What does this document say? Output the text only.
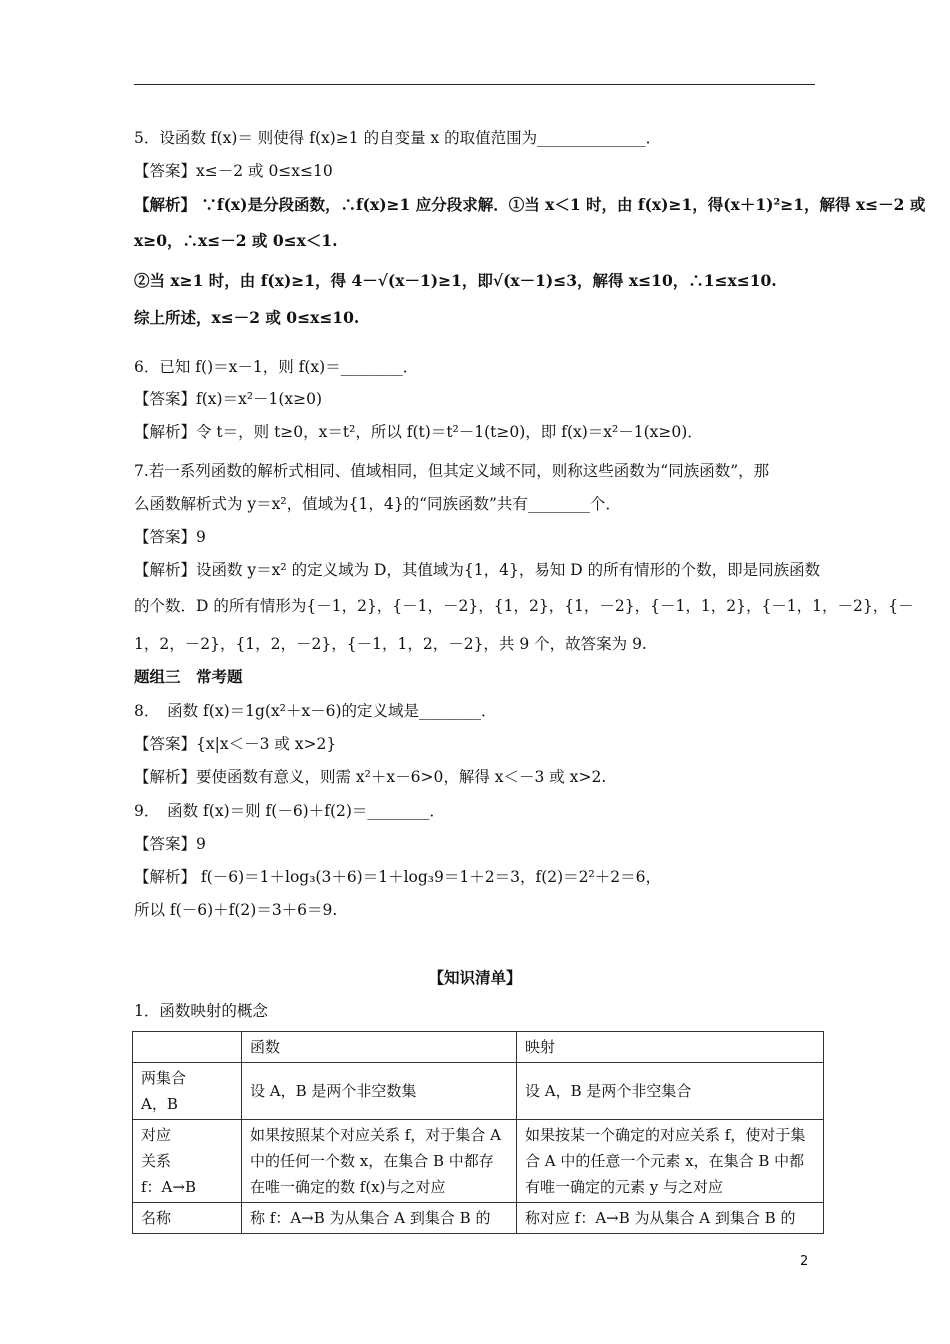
5．设函数 f(x)＝ 则使得 f(x)≥1 的自变量 x 的取值范围为______________．
【答案】x≤－2 或 0≤x≤10
【解析】 ∵f(x)是分段函数，∴f(x)≥1 应分段求解．①当 x＜1 时，由 f(x)≥1，得(x＋1)²≥1，解得 x≤－2 或
x≥0，∴x≤－2 或 0≤x＜1.
②当 x≥1 时，由 f(x)≥1，得 4－√(x－1)≥1，即√(x－1)≤3，解得 x≤10，∴1≤x≤10.
综上所述，x≤－2 或 0≤x≤10.
6．已知 f()＝x－1，则 f(x)＝________．
【答案】f(x)＝x²－1(x≥0)
【解析】令 t＝，则 t≥0，x＝t²，所以 f(t)＝t²－1(t≥0)，即 f(x)＝x²－1(x≥0)．
7.若一系列函数的解析式相同、值域相同，但其定义域不同，则称这些函数为“同族函数”，那
么函数解析式为 y＝x²，值域为{1，4}的“同族函数”共有________个．
【答案】9
【解析】设函数 y＝x² 的定义域为 D，其值域为{1，4}，易知 D 的所有情形的个数，即是同族函数
的个数．D 的所有情形为{－1，2}，{－1，－2}，{1，2}，{1，－2}，{－1，1，2}，{－1，1，－2}，{－
1，2，－2}，{1，2，－2}，{－1，1，2，－2}，共 9 个，故答案为 9.
题组三　常考题
8．　函数 f(x)＝1g(x²＋x－6)的定义域是________．
【答案】{x|x＜－3 或 x>2}
【解析】要使函数有意义，则需 x²＋x－6>0，解得 x＜－3 或 x>2.
9．　函数 f(x)＝则 f(－6)＋f(2)＝________．
【答案】9
【解析】 f(－6)＝1＋log₃(3＋6)＝1＋log₃9＝1＋2＝3，f(2)＝2²＋2＝6，
所以 f(－6)＋f(2)＝3＋6＝9.
【知识清单】
1．函数映射的概念
	函数	映射
两集合
A，B	设 A，B 是两个非空数集	设 A，B 是两个非空集合
对应
关系
f：A→B	如果按照某个对应关系 f，对于集合 A 中的任何一个数 x，在集合 B 中都存在唯一确定的数 f(x)与之对应	如果按某一个确定的对应关系 f，使对于集合 A 中的任意一个元素 x，在集合 B 中都有唯一确定的元素 y 与之对应
名称	称 f：A→B 为从集合 A 到集合 B 的	称对应 f：A→B 为从集合 A 到集合 B 的
2
